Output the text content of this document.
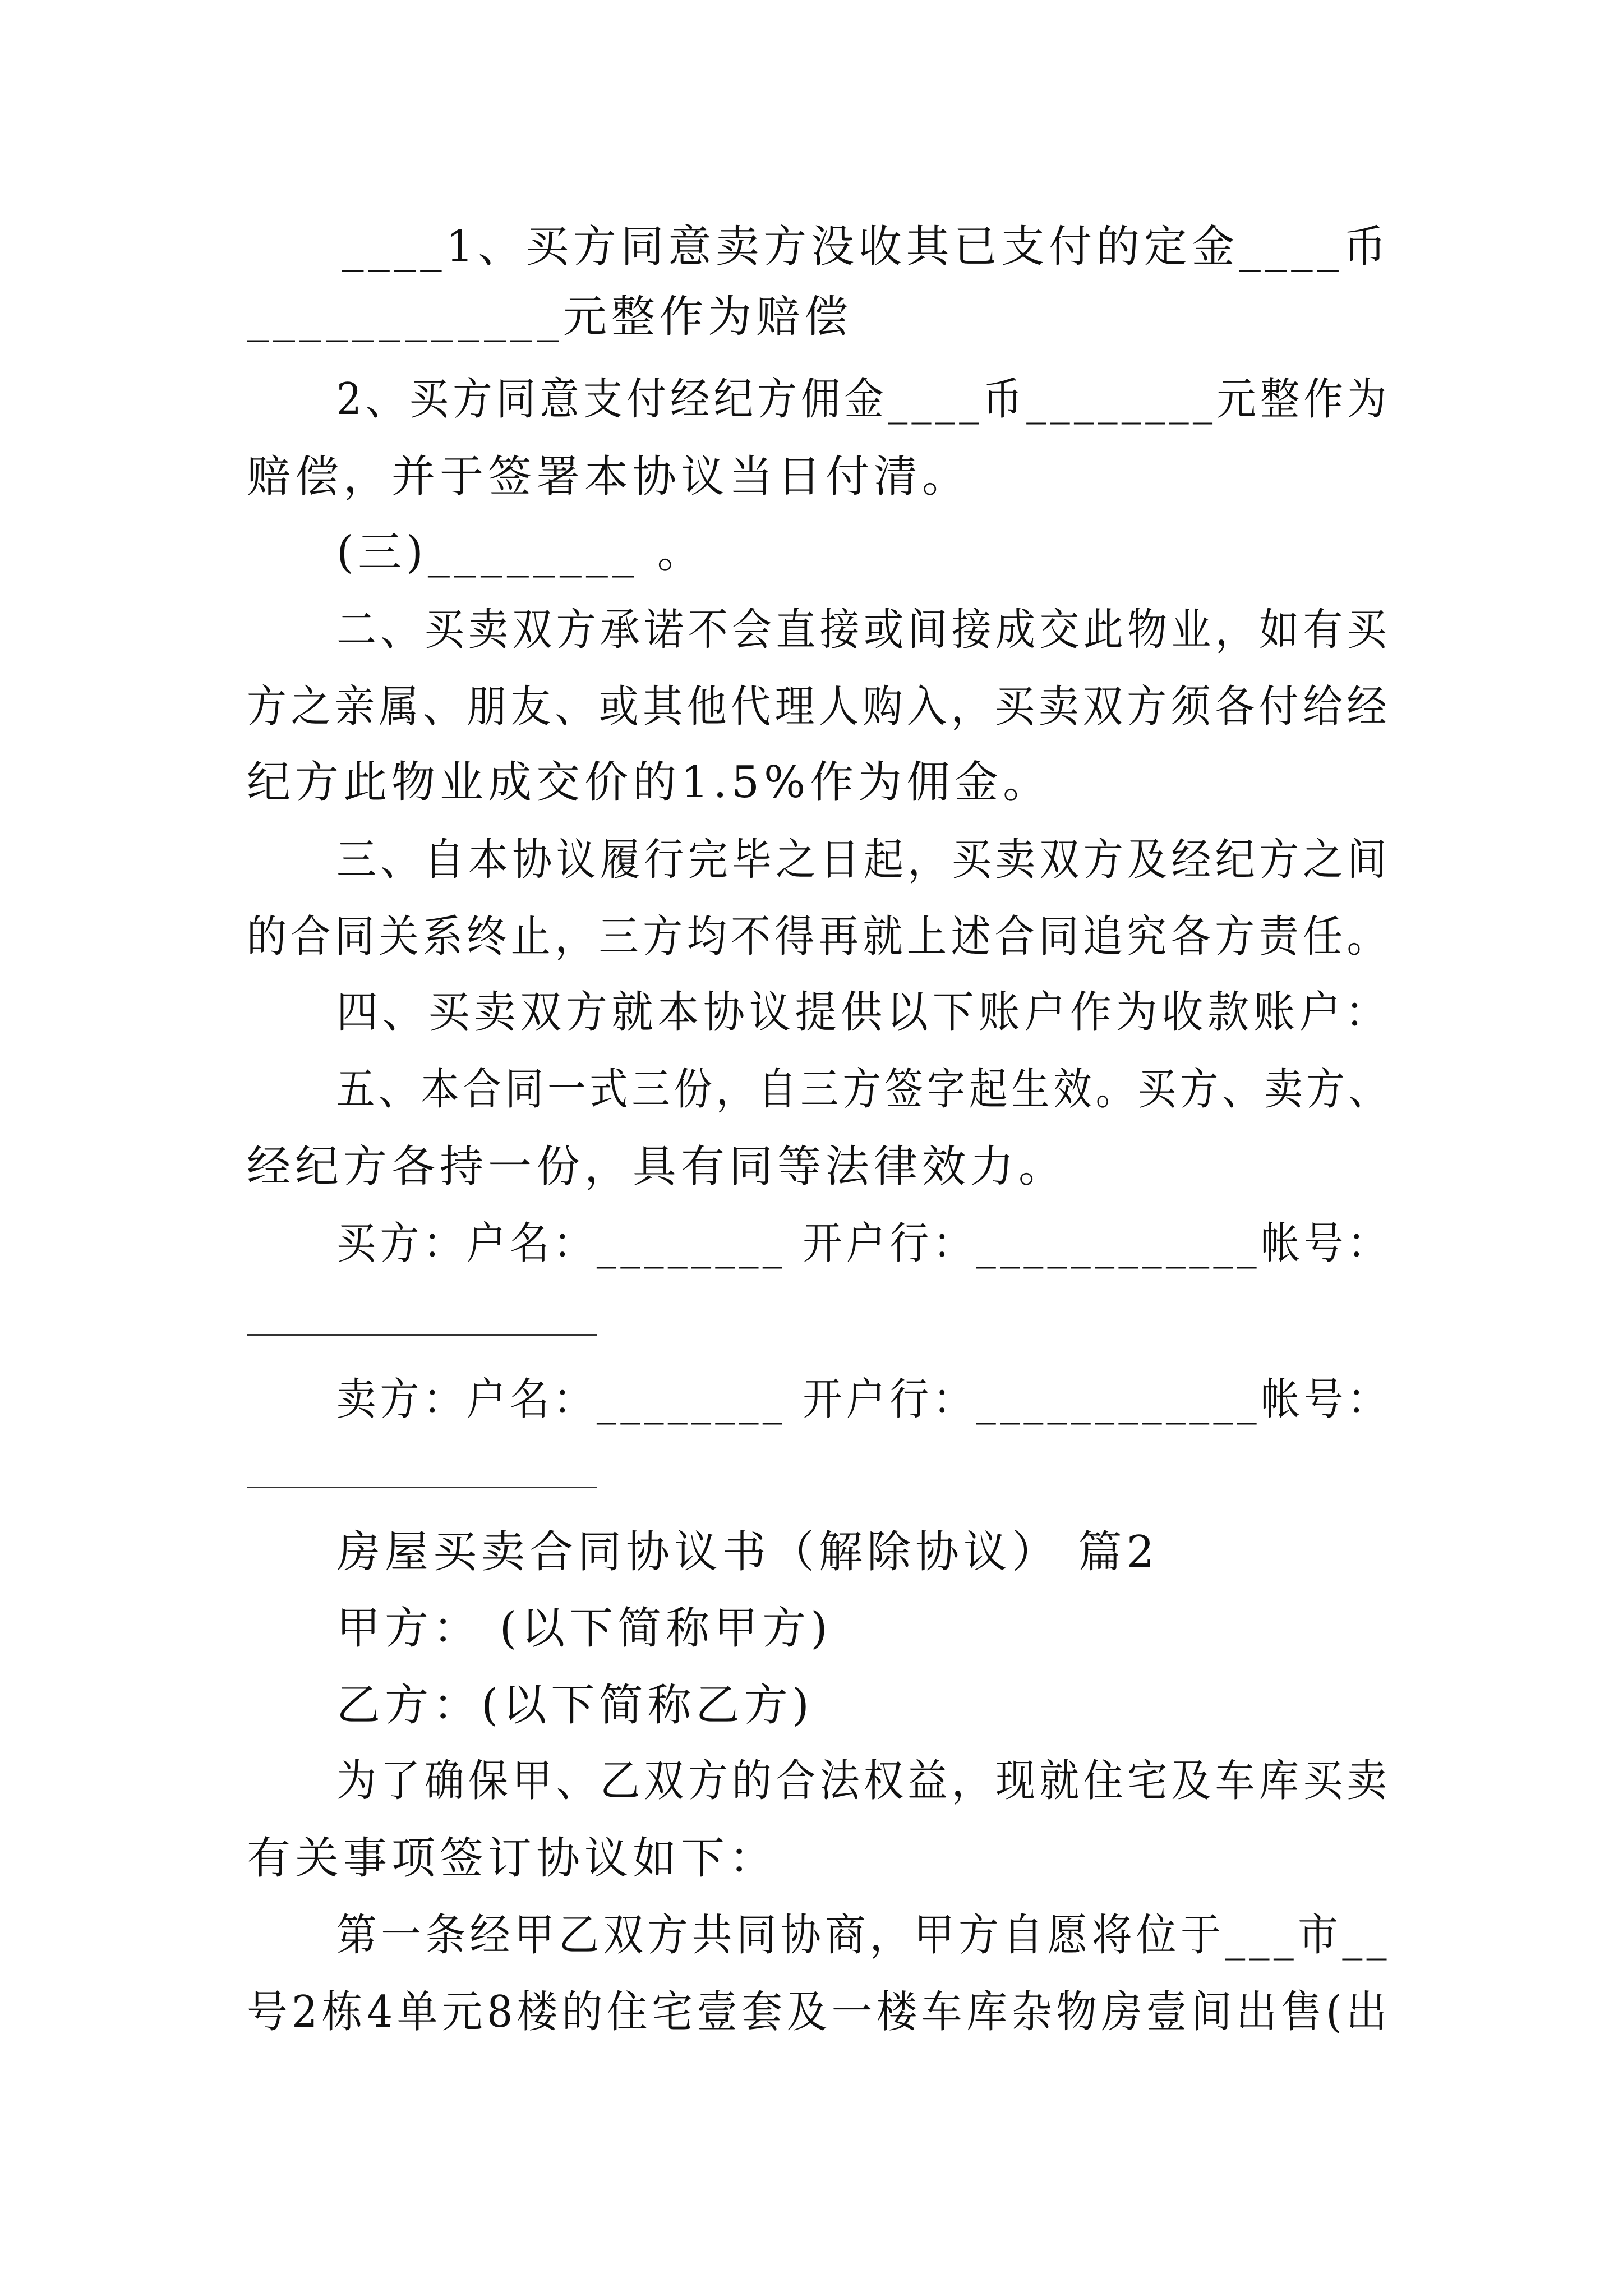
____1、买方同意卖方没收其已支付的定金____币
____________元整作为赔偿
2、买方同意支付经纪方佣金____币________元整作为
赔偿，并于签署本协议当日付清。
(三)________ 。
二、买卖双方承诺不会直接或间接成交此物业，如有买
方之亲属、朋友、或其他代理人购入，买卖双方须各付给经
纪方此物业成交价的1.5%作为佣金。
三、自本协议履行完毕之日起，买卖双方及经纪方之间
的合同关系终止，三方均不得再就上述合同追究各方责任。
四、买卖双方就本协议提供以下账户作为收款账户：
五、本合同一式三份，自三方签字起生效。买方、卖方、
经纪方各持一份，具有同等法律效力。
买方：户名：________ 开户行：____________帐号：
卖方：户名：________ 开户行：____________帐号：
房屋买卖合同协议书（解除协议） 篇2
甲方： (以下简称甲方)
乙方：(以下简称乙方)
为了确保甲、乙双方的合法权益，现就住宅及车库买卖
有关事项签订协议如下：
第一条经甲乙双方共同协商，甲方自愿将位于___市__
号2栋4单元8楼的住宅壹套及一楼车库杂物房壹间出售(出
